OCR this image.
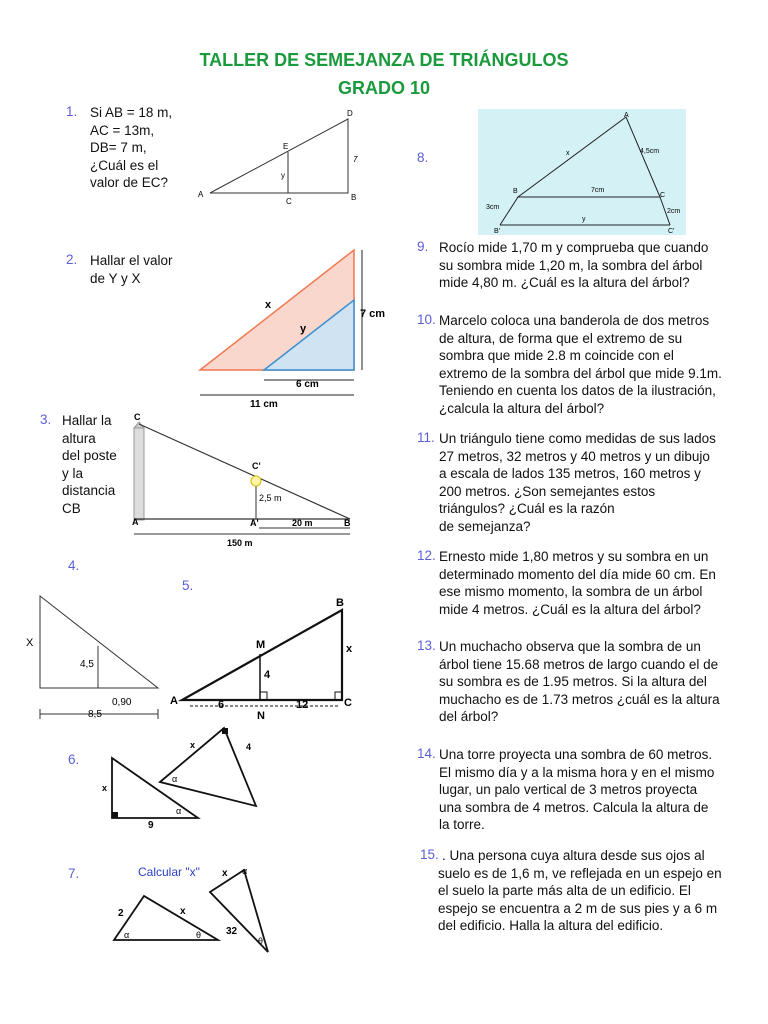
TALLER DE SEMEJANZA DE TRIÁNGULOS
GRADO 10
1. Si AB = 18 m,
AC = 13m,
DB= 7 m,
¿Cuál es el
valor de EC?
A	B
C
D
E
y
7
2. Hallar el valor
de Y y X
x
y
7 cm
6 cm
11 cm
3. Hallar la
altura
del poste
y la
distancia
CB
C
C'
A	A'	B
2,5 m
20 m
150 m
4.
X
4,5
0,90
8,5
5.
A
B
C
M
N
4
x
6	12
6.
x
9
α
x	4
α
7.	Calcular "x"
2	x
α	θ
x α
32
θ
8.
A
B
C
B'	C'
x
y
4,5cm
7cm
3cm
2cm
9. Rocío mide 1,70 m y comprueba que cuando
su sombra mide 1,20 m, la sombra del árbol
mide 4,80 m. ¿Cuál es la altura del árbol?
10. Marcelo coloca una banderola de dos metros
de altura, de forma que el extremo de su
sombra que mide 2.8 m coincide con el
extremo de la sombra del árbol que mide 9.1m.
Teniendo en cuenta los datos de la ilustración,
¿calcula la altura del árbol?
11. Un triángulo tiene como medidas de sus lados
27 metros, 32 metros y 40 metros y un dibujo
a escala de lados 135 metros, 160 metros y
200 metros. ¿Son semejantes estos
triángulos? ¿Cuál es la razón
de semejanza?
12. Ernesto mide 1,80 metros y su sombra en un
determinado momento del día mide 60 cm. En
ese mismo momento, la sombra de un árbol
mide 4 metros. ¿Cuál es la altura del árbol?
13. Un muchacho observa que la sombra de un
árbol tiene 15.68 metros de largo cuando el de
su sombra es de 1.95 metros. Si la altura del
muchacho es de 1.73 metros ¿cuál es la altura
del árbol?
14. Una torre proyecta una sombra de 60 metros.
El mismo día y a la misma hora y en el mismo
lugar, un palo vertical de 3 metros proyecta
una sombra de 4 metros. Calcula la altura de
la torre.
15. . Una persona cuya altura desde sus ojos al
suelo es de 1,6 m, ve reflejada en un espejo en
el suelo la parte más alta de un edificio. El
espejo se encuentra a 2 m de sus pies y a 6 m
del edificio. Halla la altura del edificio.
